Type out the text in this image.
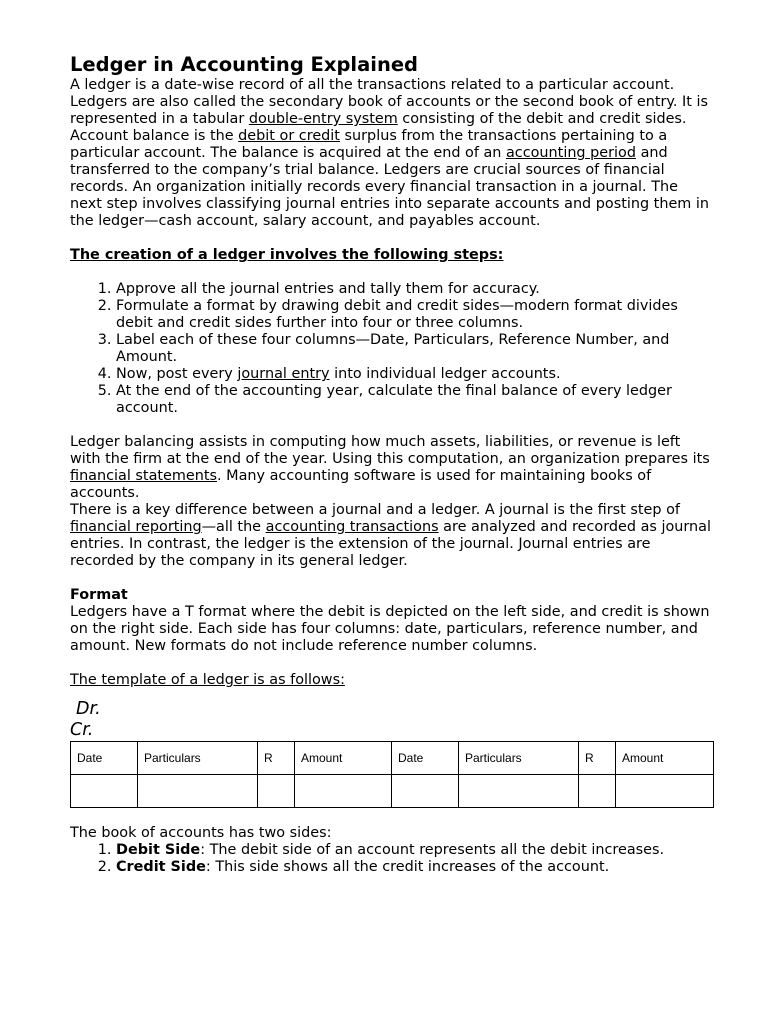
Ledger in Accounting Explained

A ledger is a date-wise record of all the transactions related to a particular account. Ledgers are also called the secondary book of accounts or the second book of entry. It is represented in a tabular double-entry system consisting of the debit and credit sides. Account balance is the debit or credit surplus from the transactions pertaining to a particular account. The balance is acquired at the end of an accounting period and transferred to the company’s trial balance. Ledgers are crucial sources of financial records. An organization initially records every financial transaction in a journal. The next step involves classifying journal entries into separate accounts and posting them in the ledger—cash account, salary account, and payables account.

The creation of a ledger involves the following steps:

1. Approve all the journal entries and tally them for accuracy.
2. Formulate a format by drawing debit and credit sides—modern format divides debit and credit sides further into four or three columns.
3. Label each of these four columns—Date, Particulars, Reference Number, and Amount.
4. Now, post every journal entry into individual ledger accounts.
5. At the end of the accounting year, calculate the final balance of every ledger account.

Ledger balancing assists in computing how much assets, liabilities, or revenue is left with the firm at the end of the year. Using this computation, an organization prepares its financial statements. Many accounting software is used for maintaining books of accounts.

There is a key difference between a journal and a ledger. A journal is the first step of financial reporting—all the accounting transactions are analyzed and recorded as journal entries. In contrast, the ledger is the extension of the journal. Journal entries are recorded by the company in its general ledger.

Format

Ledgers have a T format where the debit is depicted on the left side, and credit is shown on the right side. Each side has four columns: date, particulars, reference number, and amount. New formats do not include reference number columns.

The template of a ledger is as follows:

Dr.
Cr.
Date	Particulars	R	Amount	Date	Particulars	R	Amount

The book of accounts has two sides:

1. Debit Side: The debit side of an account represents all the debit increases.
2. Credit Side: This side shows all the credit increases of the account.
